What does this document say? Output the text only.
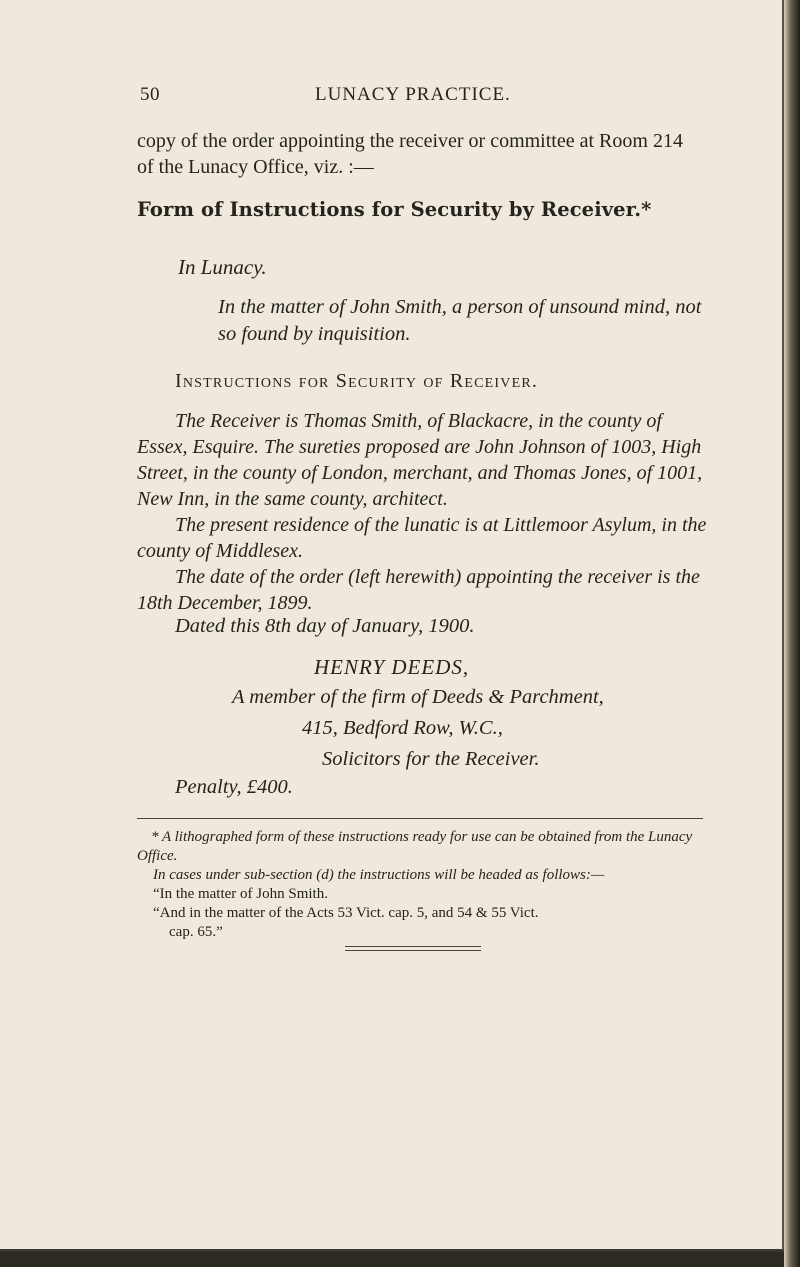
50	LUNACY PRACTICE.
copy of the order appointing the receiver or committee at Room 214 of the Lunacy Office, viz. :—
Form of Instructions for Security by Receiver.*
In Lunacy.
In the matter of John Smith, a person of unsound mind, not so found by inquisition.
Instructions for Security of Receiver.

The Receiver is Thomas Smith, of Blackacre, in the county of Essex, Esquire. The sureties proposed are John Johnson of 1003, High Street, in the county of London, merchant, and Thomas Jones, of 1001, New Inn, in the same county, architect.

The present residence of the lunatic is at Littlemoor Asylum, in the county of Middlesex.

The date of the order (left herewith) appointing the receiver is the 18th December, 1899.

Dated this 8th day of January, 1900.
HENRY DEEDS,
A member of the firm of Deeds & Parchment,
415, Bedford Row, W.C.,
Solicitors for the Receiver.
Penalty, £400.

* A lithographed form of these instructions ready for use can be obtained from the Lunacy Office.

In cases under sub-section (d) the instructions will be headed as follows:—

“In the matter of John Smith.

“And in the matter of the Acts 53 Vict. cap. 5, and 54 & 55 Vict.

cap. 65.”
